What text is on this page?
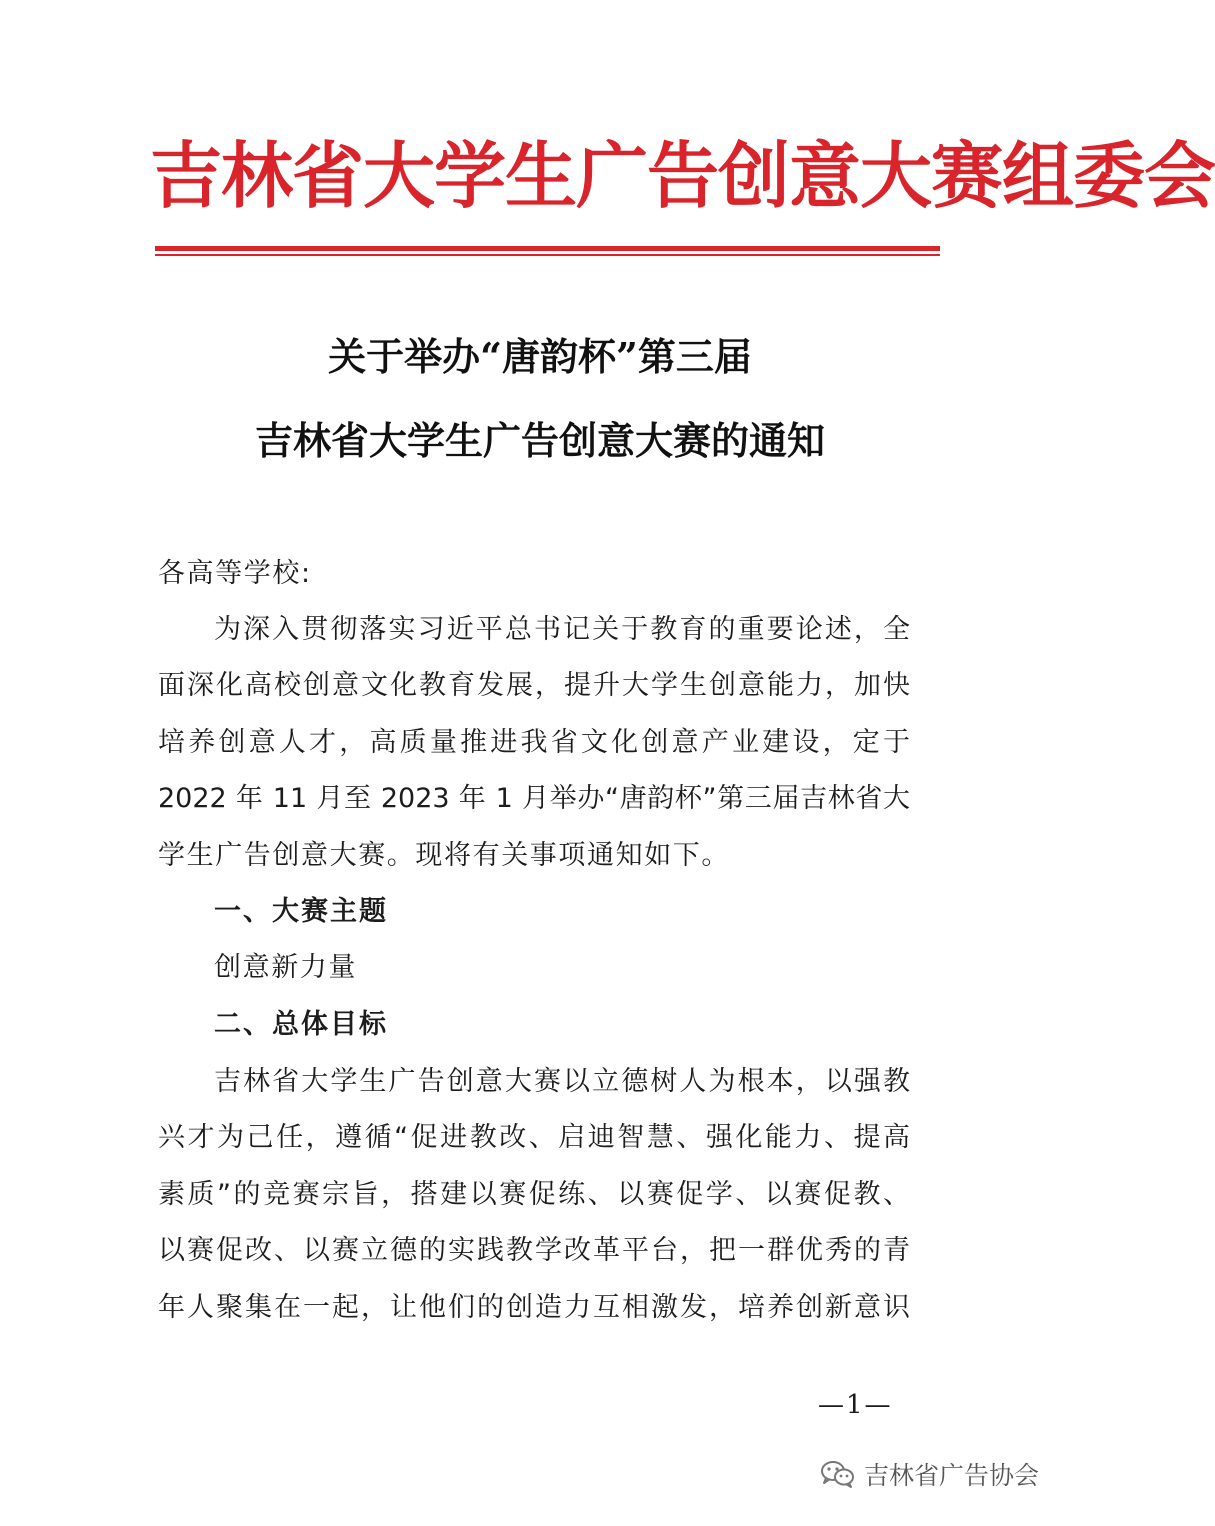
吉林省大学生广告创意大赛组委会
关于举办“唐韵杯”第三届
吉林省大学生广告创意大赛的通知
各高等学校:
为深入贯彻落实习近平总书记关于教育的重要论述，全
面深化高校创意文化教育发展，提升大学生创意能力，加快
培养创意人才，高质量推进我省文化创意产业建设，定于
2022 年 11 月至 2023 年 1 月举办“唐韵杯”第三届吉林省大
学生广告创意大赛。现将有关事项通知如下。
一、大赛主题
创意新力量
二、总体目标
吉林省大学生广告创意大赛以立德树人为根本，以强教
兴才为己任，遵循“促进教改、启迪智慧、强化能力、提高
素质”的竞赛宗旨，搭建以赛促练、以赛促学、以赛促教、
以赛促改、以赛立德的实践教学改革平台，把一群优秀的青
年人聚集在一起，让他们的创造力互相激发，培养创新意识
—1—
吉林省广告协会
